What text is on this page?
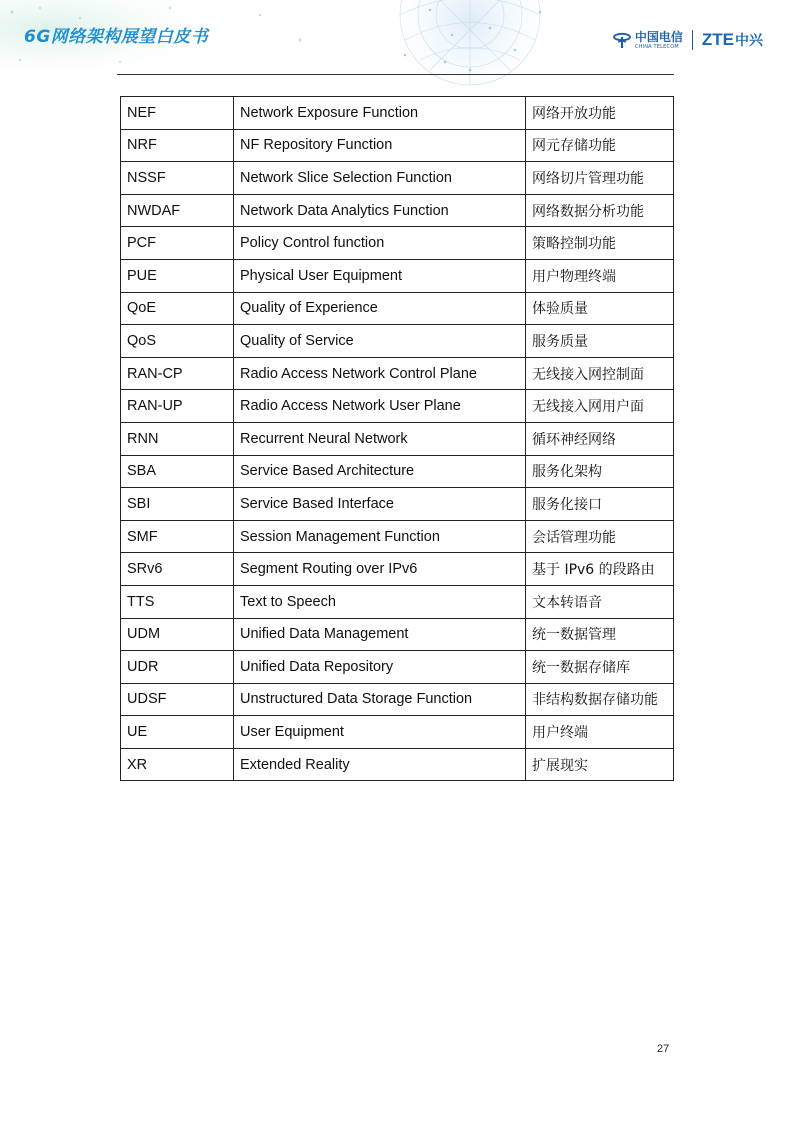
6G网络架构展望白皮书	中国电信
CHINA TELECOM ZTE 中兴
NEF	Network Exposure Function	网络开放功能
NRF	NF Repository Function	网元存储功能
NSSF	Network Slice Selection Function	网络切片管理功能
NWDAF	Network Data Analytics Function	网络数据分析功能
PCF	Policy Control function	策略控制功能
PUE	Physical User Equipment	用户物理终端
QoE	Quality of Experience	体验质量
QoS	Quality of Service	服务质量
RAN-CP	Radio Access Network Control Plane	无线接入网控制面
RAN-UP	Radio Access Network User Plane	无线接入网用户面
RNN	Recurrent Neural Network	循环神经网络
SBA	Service Based Architecture	服务化架构
SBI	Service Based Interface	服务化接口
SMF	Session Management Function	会话管理功能
SRv6	Segment Routing over IPv6	基于 IPv6 的段路由
TTS	Text to Speech	文本转语音
UDM	Unified Data Management	统一数据管理
UDR	Unified Data Repository	统一数据存储库
UDSF	Unstructured Data Storage Function	非结构数据存储功能
UE	User Equipment	用户终端
XR	Extended Reality	扩展现实
27
